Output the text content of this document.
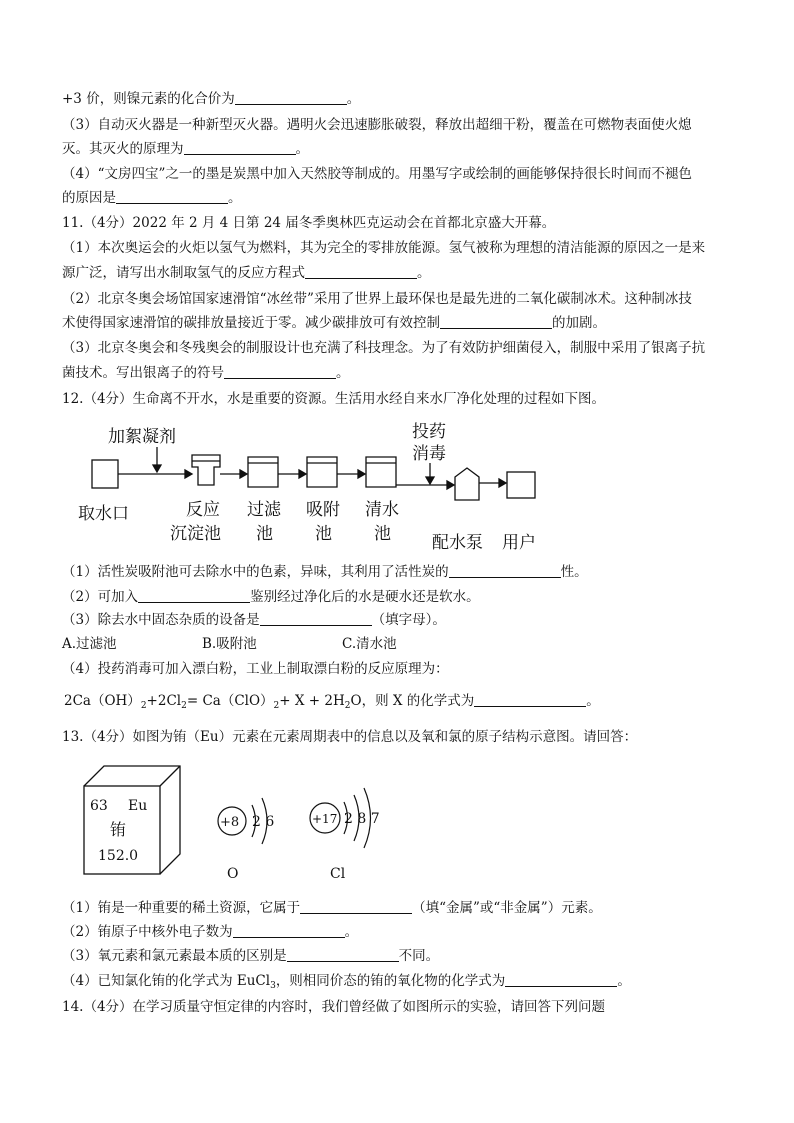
+3 价，则镍元素的化合价为	。
（3）自动灭火器是一种新型灭火器。遇明火会迅速膨胀破裂，释放出超细干粉，覆盖在可燃物表面使火熄
灭。其灭火的原理为	。
（4）“文房四宝”之一的墨是炭黑中加入天然胶等制成的。用墨写字或绘制的画能够保持很长时间而不褪色
的原因是	。
11.（4分）2022 年 2 月 4 日第 24 届冬季奥林匹克运动会在首都北京盛大开幕。
（1）本次奥运会的火炬以氢气为燃料，其为完全的零排放能源。氢气被称为理想的清洁能源的原因之一是来
源广泛，请写出水制取氢气的反应方程式	。
（2）北京冬奥会场馆国家速滑馆“冰丝带”采用了世界上最环保也是最先进的二氧化碳制冰术。这种制冰技
术使得国家速滑馆的碳排放量接近于零。减少碳排放可有效控制	的加剧。
（3）北京冬奥会和冬残奥会的制服设计也充满了科技理念。为了有效防护细菌侵入，制服中采用了银离子抗
菌技术。写出银离子的符号	。
12.（4分）生命离不开水，水是重要的资源。生活用水经自来水厂净化处理的过程如下图。
加絮凝剂	投药
消毒
取水口	反应
沉淀池
过滤
池
吸附
池
清水
池 配水泵 用户
（1）活性炭吸附池可去除水中的色素，异味，其利用了活性炭的	性。
（2）可加入	鉴别经过净化后的水是硬水还是软水。
（3）除去水中固态杂质的设备是	（填字母）。
A.过滤池	B.吸附池	C.清水池
（4）投药消毒可加入漂白粉，工业上制取漂白粉的反应原理为：
$2Ca(OH)_2+2Cl_2= Ca(ClO)_2+ X + 2H_2O$，则 X 的化学式为	。
13.（4分）如图为铕（Eu）元素在元素周期表中的信息以及氧和氯的原子结构示意图。请回答：
63 Eu
铕
152.0
+8 2 6
O
+17 2 8 7
Cl
（1）铕是一种重要的稀土资源，它属于	（填“金属”或“非金属”）元素。
（2）铕原子中核外电子数为	。
（3）氧元素和氯元素最本质的区别是	不同。
（4）已知氯化铕的化学式为 EuCl$_3$，则相同价态的铕的氧化物的化学式为	。
14.（4分）在学习质量守恒定律的内容时，我们曾经做了如图所示的实验，请回答下列问题
